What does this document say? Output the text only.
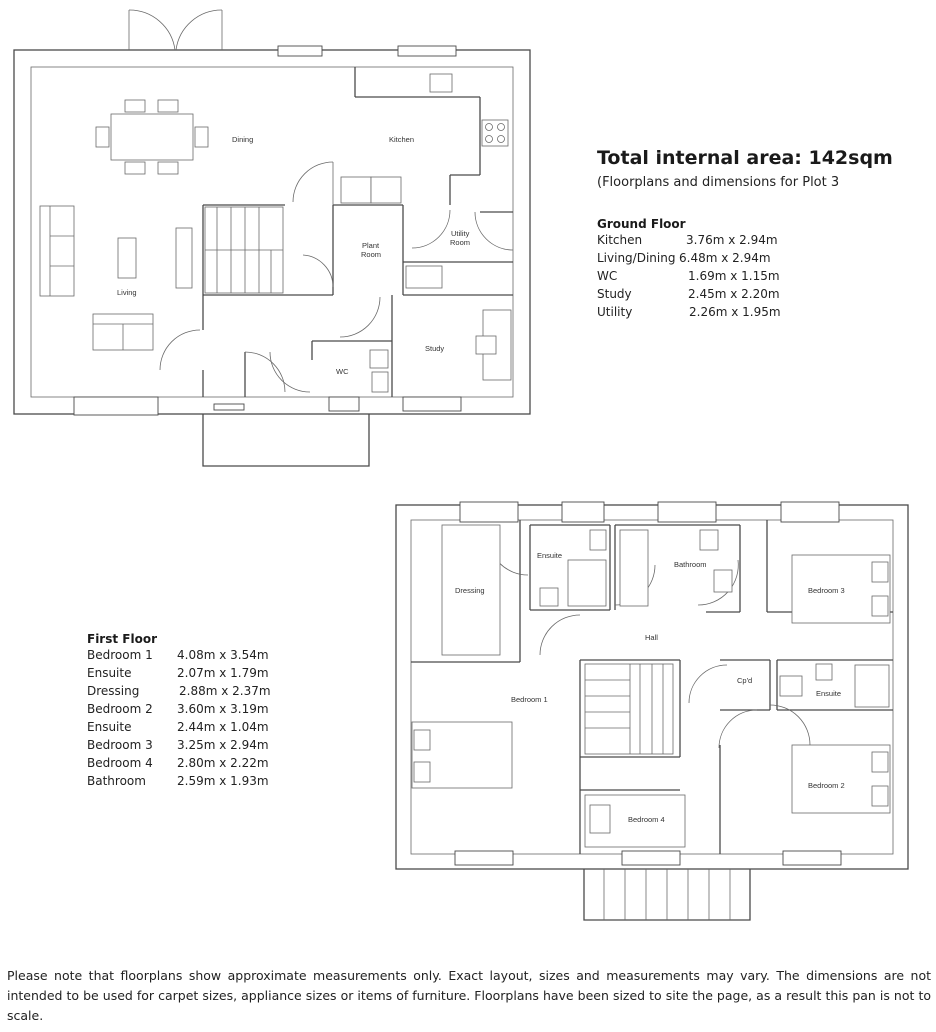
Dining	Kitchen
Living
Plant
Room
Utility
Room
Study
WC
Ensuite
Bathroom
Dressing	Bedroom 3
Hall
Cp'd
Ensuite
Bedroom 1
Bedroom 2
Bedroom 4
Total internal area: 142sqm
(Floorplans and dimensions for Plot 3
Ground Floor
Kitchen	3.76m x 2.94m
Living/Dining 6.48m x 2.94m
WC	1.69m x 1.15m
Study	2.45m x 2.20m
Utility	2.26m x 1.95m
First Floor
Bedroom 1	4.08m x 3.54m
Ensuite	2.07m x 1.79m
Dressing	2.88m x 2.37m
Bedroom 2	3.60m x 3.19m
Ensuite	2.44m x 1.04m
Bedroom 3	3.25m x 2.94m
Bedroom 4	2.80m x 2.22m
Bathroom	2.59m x 1.93m
Please note that floorplans show approximate measurements only. Exact layout, sizes and measurements may vary. The dimensions are not intended to be used for carpet sizes, appliance sizes or items of furniture. Floorplans have been sized to site the page, as a result this pan is not to scale.
